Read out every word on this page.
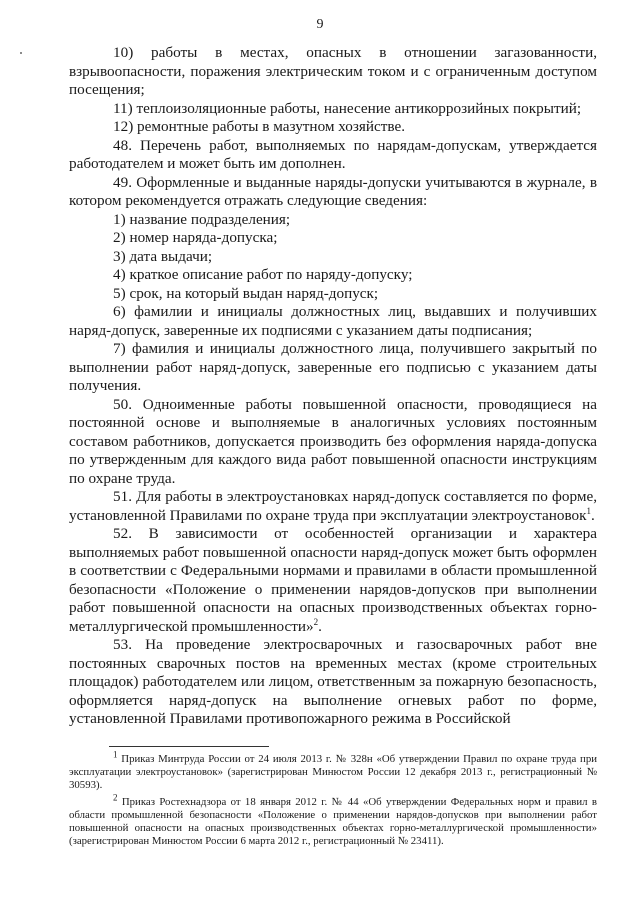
9

10) работы в местах, опасных в отношении загазованности, взрывоопасности, поражения электрическим током и с ограниченным доступом посещения;

11) теплоизоляционные работы, нанесение антикоррозийных покрытий;

12) ремонтные работы в мазутном хозяйстве.

48. Перечень работ, выполняемых по нарядам-допускам, утверждается работодателем и может быть им дополнен.

49. Оформленные и выданные наряды-допуски учитываются в журнале, в котором рекомендуется отражать следующие сведения:

1) название подразделения;

2) номер наряда-допуска;

3) дата выдачи;

4) краткое описание работ по наряду-допуску;

5) срок, на который выдан наряд-допуск;

6) фамилии и инициалы должностных лиц, выдавших и получивших наряд-допуск, заверенные их подписями с указанием даты подписания;

7) фамилия и инициалы должностного лица, получившего закрытый по выполнении работ наряд-допуск, заверенные его подписью с указанием даты получения.

50. Одноименные работы повышенной опасности, проводящиеся на постоянной основе и выполняемые в аналогичных условиях постоянным составом работников, допускается производить без оформления наряда-допуска по утвержденным для каждого вида работ повышенной опасности инструкциям по охране труда.

51. Для работы в электроустановках наряд-допуск составляется по форме, установленной Правилами по охране труда при эксплуатации электроустановок$^1$.

52. В зависимости от особенностей организации и характера выполняемых работ повышенной опасности наряд-допуск может быть оформлен в соответствии с Федеральными нормами и правилами в области промышленной безопасности «Положение о применении нарядов-допусков при выполнении работ повышенной опасности на опасных производственных объектах горно-металлургической промышленности»$^2$.

53. На проведение электросварочных и газосварочных работ вне постоянных сварочных постов на временных местах (кроме строительных площадок) работодателем или лицом, ответственным за пожарную безопасность, оформляется наряд-допуск на выполнение огневых работ по форме, установленной Правилами противопожарного режима в Российской

$^1$ Приказ Минтруда России от 24 июля 2013 г. № 328н «Об утверждении Правил по охране труда при эксплуатации электроустановок» (зарегистрирован Минюстом России 12 декабря 2013 г., регистрационный № 30593).

$^2$ Приказ Ростехнадзора от 18 января 2012 г. № 44 «Об утверждении Федеральных норм и правил в области промышленной безопасности «Положение о применении нарядов-допусков при выполнении работ повышенной опасности на опасных производственных объектах горно-металлургической промышленности» (зарегистрирован Минюстом России 6 марта 2012 г., регистрационный № 23411).
